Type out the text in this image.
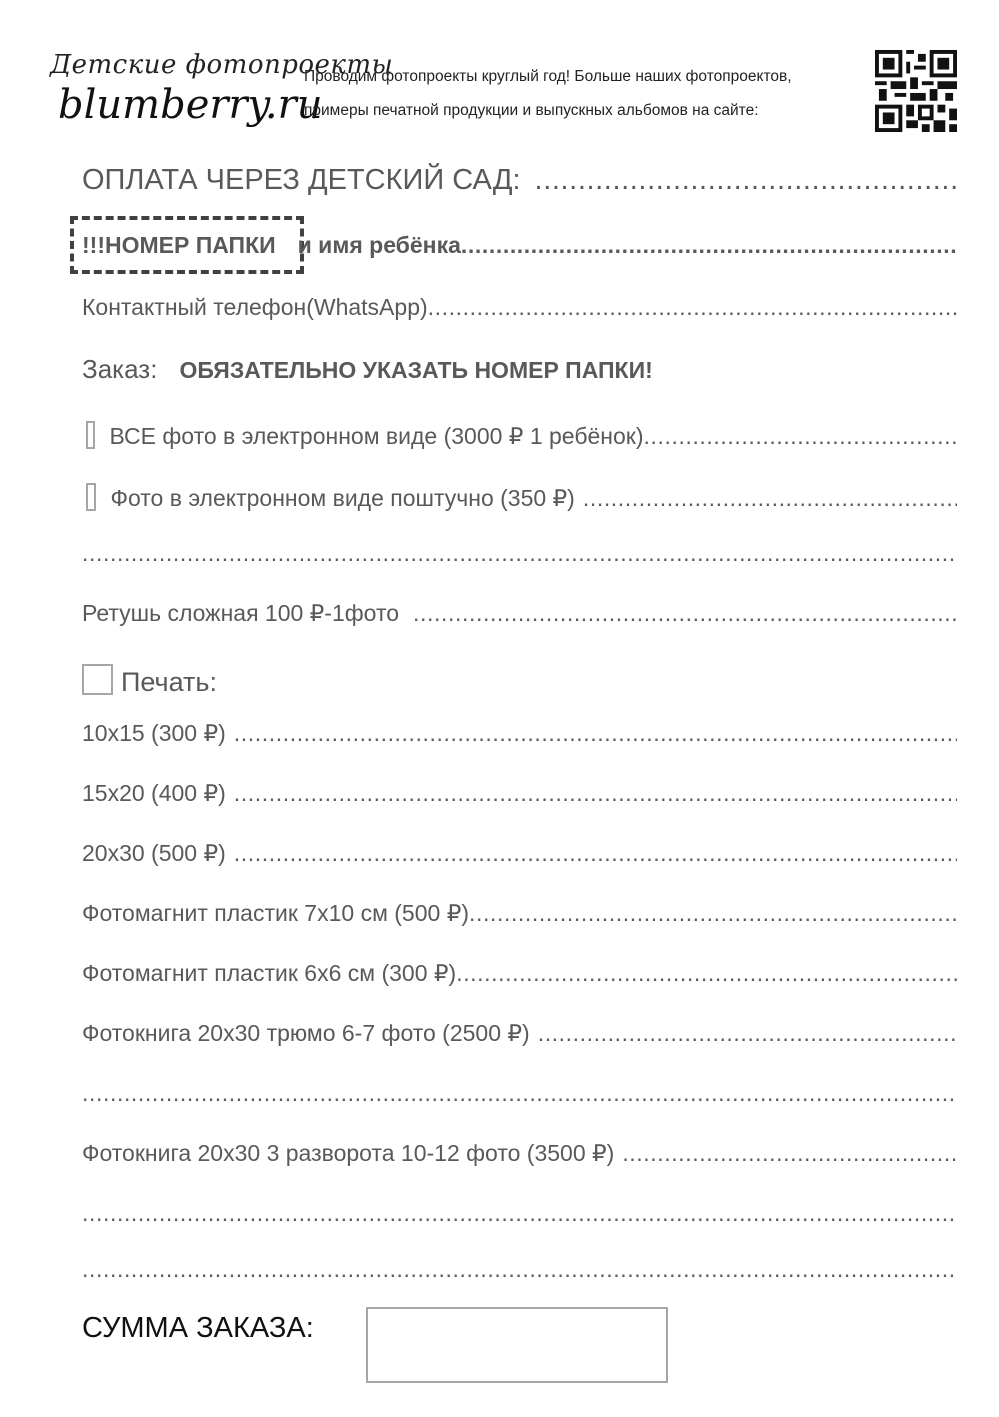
Детские фотопроекты
blumberry.ru
Проводим фотопроекты круглый год! Больше наших фотопроектов,
примеры печатной продукции и выпускных альбомов на сайте:
ОПЛАТА ЧЕРЕЗ ДЕТСКИЙ САД:
.....
!!!НОМЕР ПАПКИ и имя ребёнка
.....
Контактный телефон(WhatsApp)
.....
Заказ: ОБЯЗАТЕЛЬНО УКАЗАТЬ НОМЕР ПАПКИ!
ВСЕ фото в электронном виде (3000 ₽ 1 ребёнок)
.....
Фото в электронном виде поштучно (350 ₽)
.....
.....
Ретушь сложная 100 ₽-1фото
.....
Печать:
10x15 (300 ₽)
.....
15x20 (400 ₽)
.....
20x30 (500 ₽)
.....
Фотомагнит пластик 7x10 см (500 ₽)
.....
Фотомагнит пластик 6x6 см (300 ₽)
.....
Фотокнига 20x30 трюмо 6-7 фото (2500 ₽)
.....
.....
Фотокнига 20x30 3 разворота 10-12 фото (3500 ₽)
.....
.....
.....
СУММА ЗАКАЗА:
